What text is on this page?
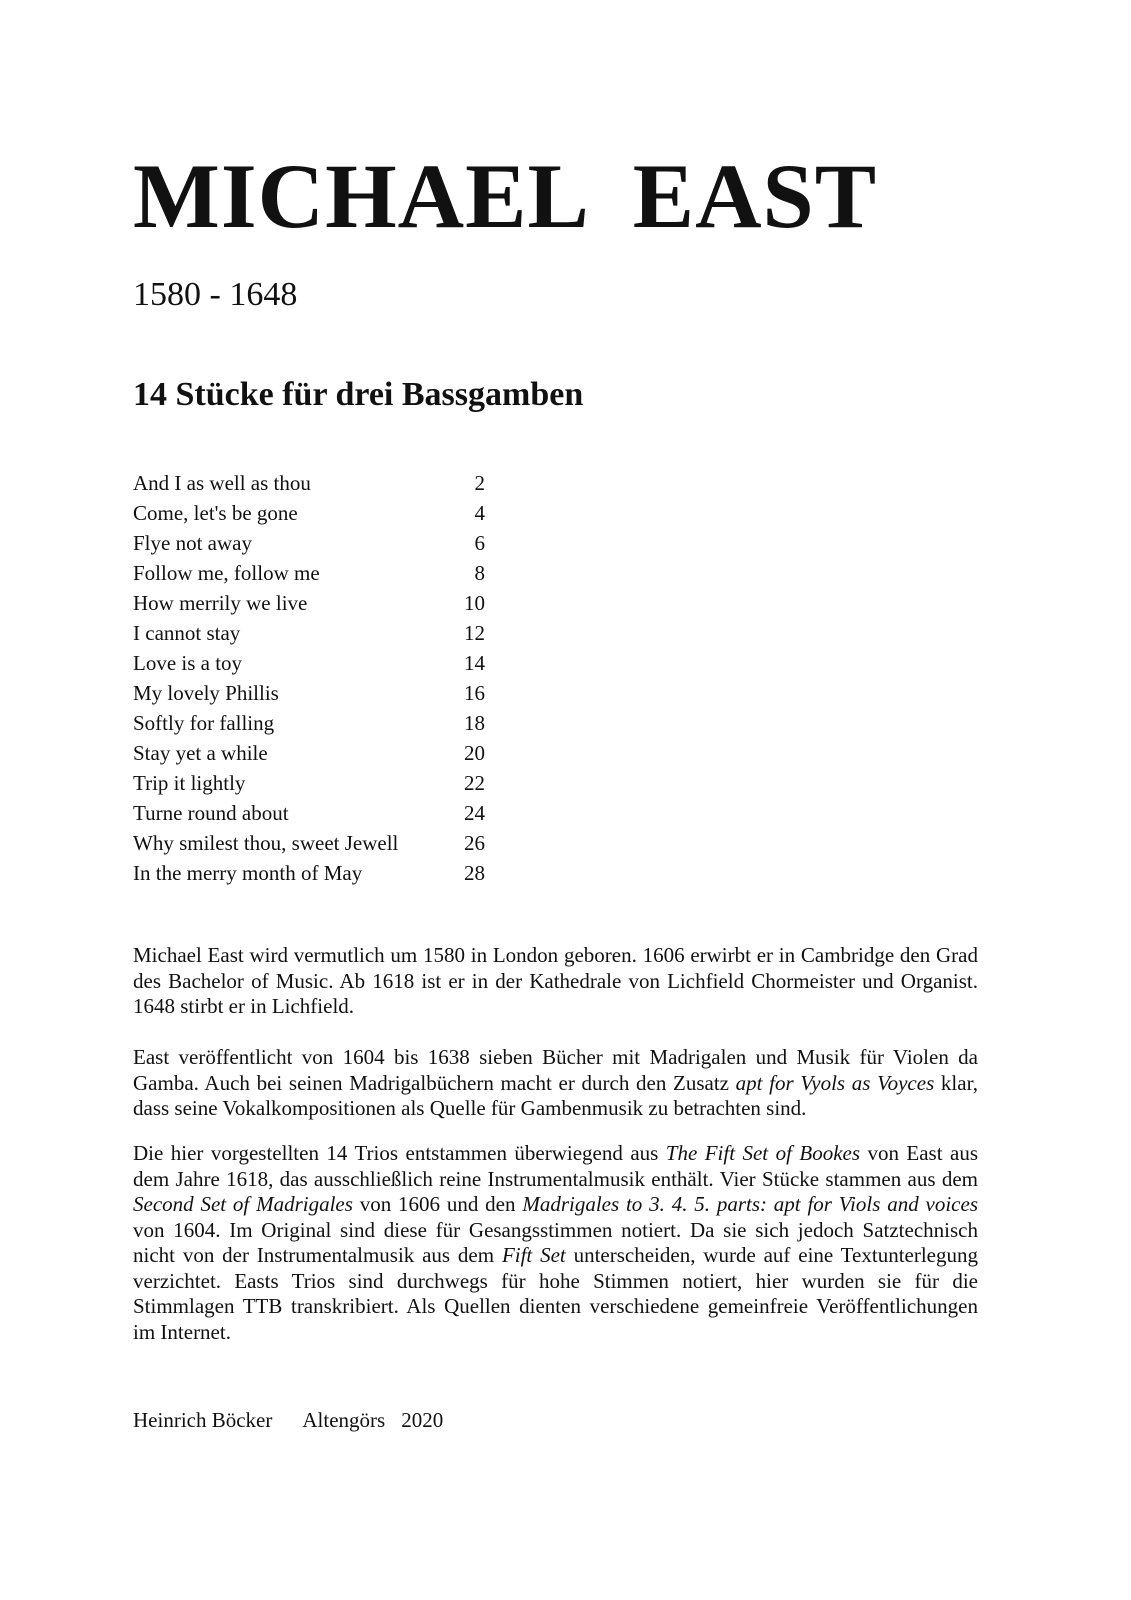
MICHAEL  EAST
1580 - 1648
14 Stücke für drei Bassgamben
And I as well as thou	2
Come, let's be gone	4
Flye not away	6
Follow me, follow me	8
How merrily we live	10
I cannot stay	12
Love is a toy	14
My lovely Phillis	16
Softly for falling	18
Stay yet a while	20
Trip it lightly	22
Turne round about	24
Why smilest thou, sweet Jewell	26
In the merry month of May	28

Michael East wird vermutlich um 1580 in London geboren. 1606 erwirbt er in Cambridge den Grad des Bachelor of Music. Ab 1618 ist er in der Kathedrale von Lichfield Chormeister und Organist. 1648 stirbt er in Lichfield.

East veröffentlicht von 1604 bis 1638 sieben Bücher mit Madrigalen und Musik für Violen da Gamba. Auch bei seinen Madrigalbüchern macht er durch den Zusatz apt for Vyols as Voyces klar, dass seine Vokalkompositionen als Quelle für Gambenmusik zu betrachten sind.

Die hier vorgestellten 14 Trios entstammen überwiegend aus The Fift Set of Bookes von East aus dem Jahre 1618, das ausschließlich reine Instrumentalmusik enthält. Vier Stücke stammen aus dem Second Set of Madrigales von 1606 und den Madrigales to 3. 4. 5. parts: apt for Viols and voices von 1604. Im Original sind diese für Gesangsstimmen notiert. Da sie sich jedoch Satztechnisch nicht von der Instrumentalmusik aus dem Fift Set unterscheiden, wurde auf eine Textunterlegung verzichtet. Easts Trios sind durchwegs für hohe Stimmen notiert, hier wurden sie für die Stimmlagen TTB transkribiert. Als Quellen dienten verschiedene gemeinfreie Veröffentlichungen im Internet.

Heinrich Böcker Altengörs 2020
